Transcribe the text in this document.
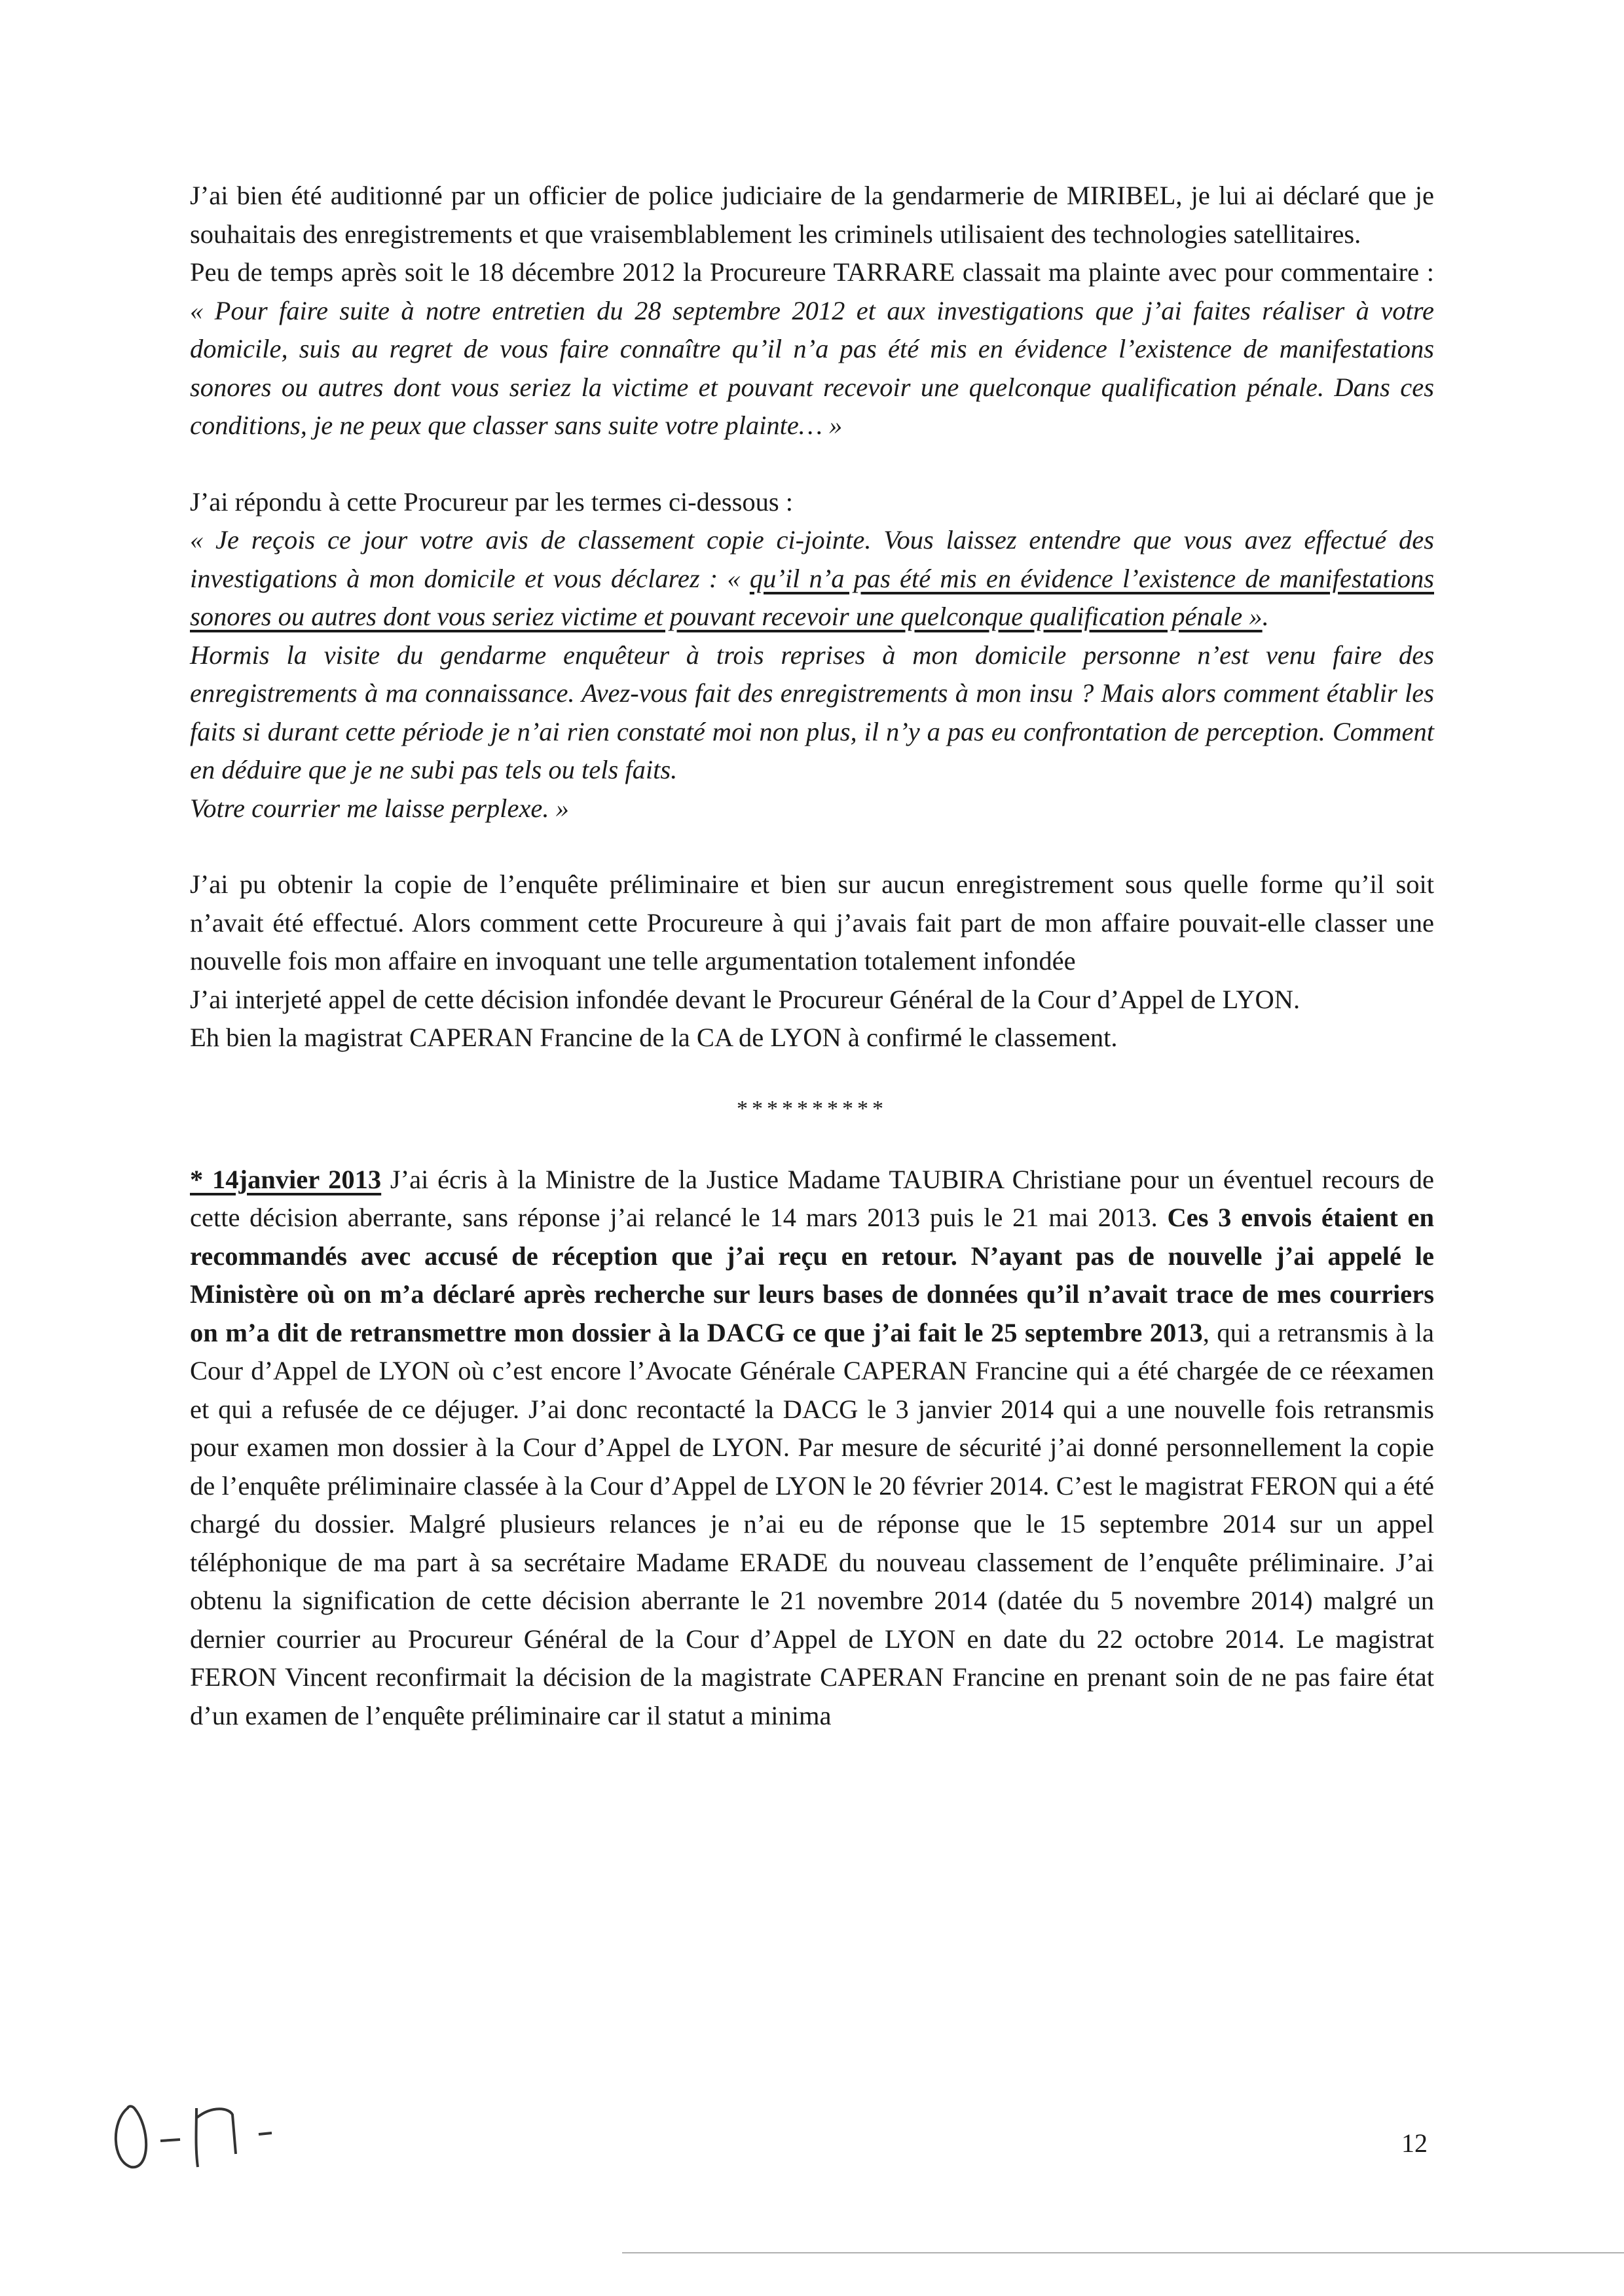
J’ai bien été auditionné par un officier de police judiciaire de la gendarmerie de MIRIBEL, je lui ai déclaré que je souhaitais des enregistrements et que vraisemblablement les criminels utilisaient des technologies satellitaires.

Peu de temps après soit le 18 décembre 2012 la Procureure TARRARE classait ma plainte avec pour commentaire : « Pour faire suite à notre entretien du 28 septembre 2012 et aux investigations que j’ai faites réaliser à votre domicile, suis au regret de vous faire connaître qu’il n’a pas été mis en évidence l’existence de manifestations sonores ou autres dont vous seriez la victime et pouvant recevoir une quelconque qualification pénale. Dans ces conditions, je ne peux que classer sans suite votre plainte… »

J’ai répondu à cette Procureur par les termes ci-dessous :

« Je reçois ce jour votre avis de classement copie ci-jointe. Vous laissez entendre que vous avez effectué des investigations à mon domicile et vous déclarez : « qu’il n’a pas été mis en évidence l’existence de manifestations sonores ou autres dont vous seriez victime et pouvant recevoir une quelconque qualification pénale ».

Hormis la visite du gendarme enquêteur à trois reprises à mon domicile personne n’est venu faire des enregistrements à ma connaissance. Avez-vous fait des enregistrements à mon insu ? Mais alors comment établir les faits si durant cette période je n’ai rien constaté moi non plus, il n’y a pas eu confrontation de perception. Comment en déduire que je ne subi pas tels ou tels faits.

Votre courrier me laisse perplexe. »

J’ai pu obtenir la copie de l’enquête préliminaire et bien sur aucun enregistrement sous quelle forme qu’il soit n’avait été effectué. Alors comment cette Procureure à qui j’avais fait part de mon affaire pouvait-elle classer une nouvelle fois mon affaire en invoquant une telle argumentation totalement infondée

J’ai interjeté appel de cette décision infondée devant le Procureur Général de la Cour d’Appel de LYON.

Eh bien la magistrat CAPERAN Francine de la CA de LYON à confirmé le classement.

**********

* 14janvier 2013 J’ai écris à la Ministre de la Justice Madame TAUBIRA Christiane pour un éventuel recours de cette décision aberrante, sans réponse j’ai relancé le 14 mars 2013 puis le 21 mai 2013. Ces 3 envois étaient en recommandés avec accusé de réception que j’ai reçu en retour. N’ayant pas de nouvelle j’ai appelé le Ministère où on m’a déclaré après recherche sur leurs bases de données qu’il n’avait trace de mes courriers on m’a dit de retransmettre mon dossier à la DACG ce que j’ai fait le 25 septembre 2013, qui a retransmis à la Cour d’Appel de LYON où c’est encore l’Avocate Générale CAPERAN Francine qui a été chargée de ce réexamen et qui a refusée de ce déjuger. J’ai donc recontacté la DACG le 3 janvier 2014 qui a une nouvelle fois retransmis pour examen mon dossier à la Cour d’Appel de LYON. Par mesure de sécurité j’ai donné personnellement la copie de l’enquête préliminaire classée à la Cour d’Appel de LYON le 20 février 2014. C’est le magistrat FERON qui a été chargé du dossier. Malgré plusieurs relances je n’ai eu de réponse que le 15 septembre 2014 sur un appel téléphonique de ma part à sa secrétaire Madame ERADE du nouveau classement de l’enquête préliminaire. J’ai obtenu la signification de cette décision aberrante le 21 novembre 2014 (datée du 5 novembre 2014) malgré un dernier courrier au Procureur Général de la Cour d’Appel de LYON en date du 22 octobre 2014. Le magistrat FERON Vincent reconfirmait la décision de la magistrate CAPERAN Francine en prenant soin de ne pas faire état d’un examen de l’enquête préliminaire car il statut a minima

12
